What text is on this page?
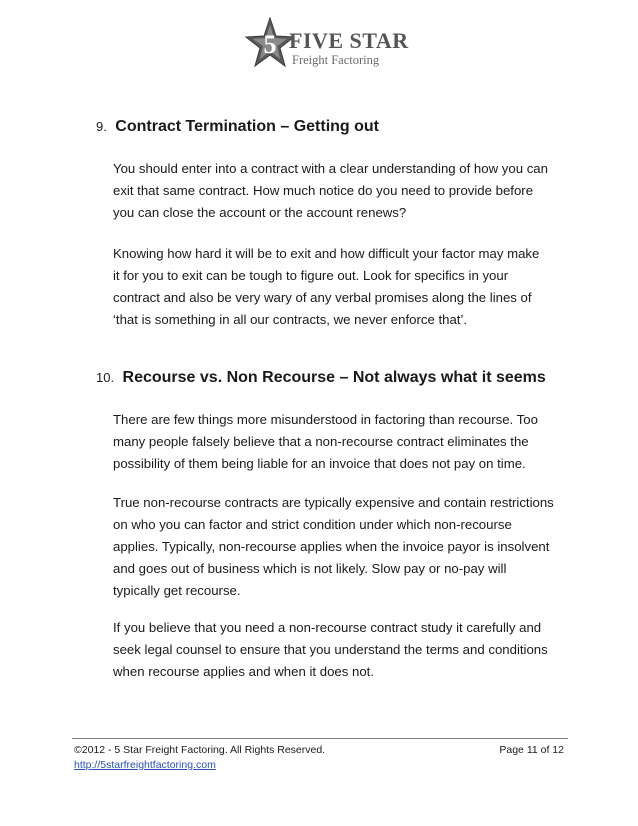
5 FIVE STAR
Freight Factoring
9. Contract Termination – Getting out
You should enter into a contract with a clear understanding of how you can
exit that same contract. How much notice do you need to provide before
you can close the account or the account renews?
Knowing how hard it will be to exit and how difficult your factor may make
it for you to exit can be tough to figure out. Look for specifics in your
contract and also be very wary of any verbal promises along the lines of
‘that is something in all our contracts, we never enforce that’.
10. Recourse vs. Non Recourse – Not always what it seems
There are few things more misunderstood in factoring than recourse. Too
many people falsely believe that a non-recourse contract eliminates the
possibility of them being liable for an invoice that does not pay on time.
True non-recourse contracts are typically expensive and contain restrictions
on who you can factor and strict condition under which non-recourse
applies. Typically, non-recourse applies when the invoice payor is insolvent
and goes out of business which is not likely. Slow pay or no-pay will
typically get recourse.
If you believe that you need a non-recourse contract study it carefully and
seek legal counsel to ensure that you understand the terms and conditions
when recourse applies and when it does not.
©2012 - 5 Star Freight Factoring. All Rights Reserved.
http://5starfreightfactoring.com
Page 11 of 12
